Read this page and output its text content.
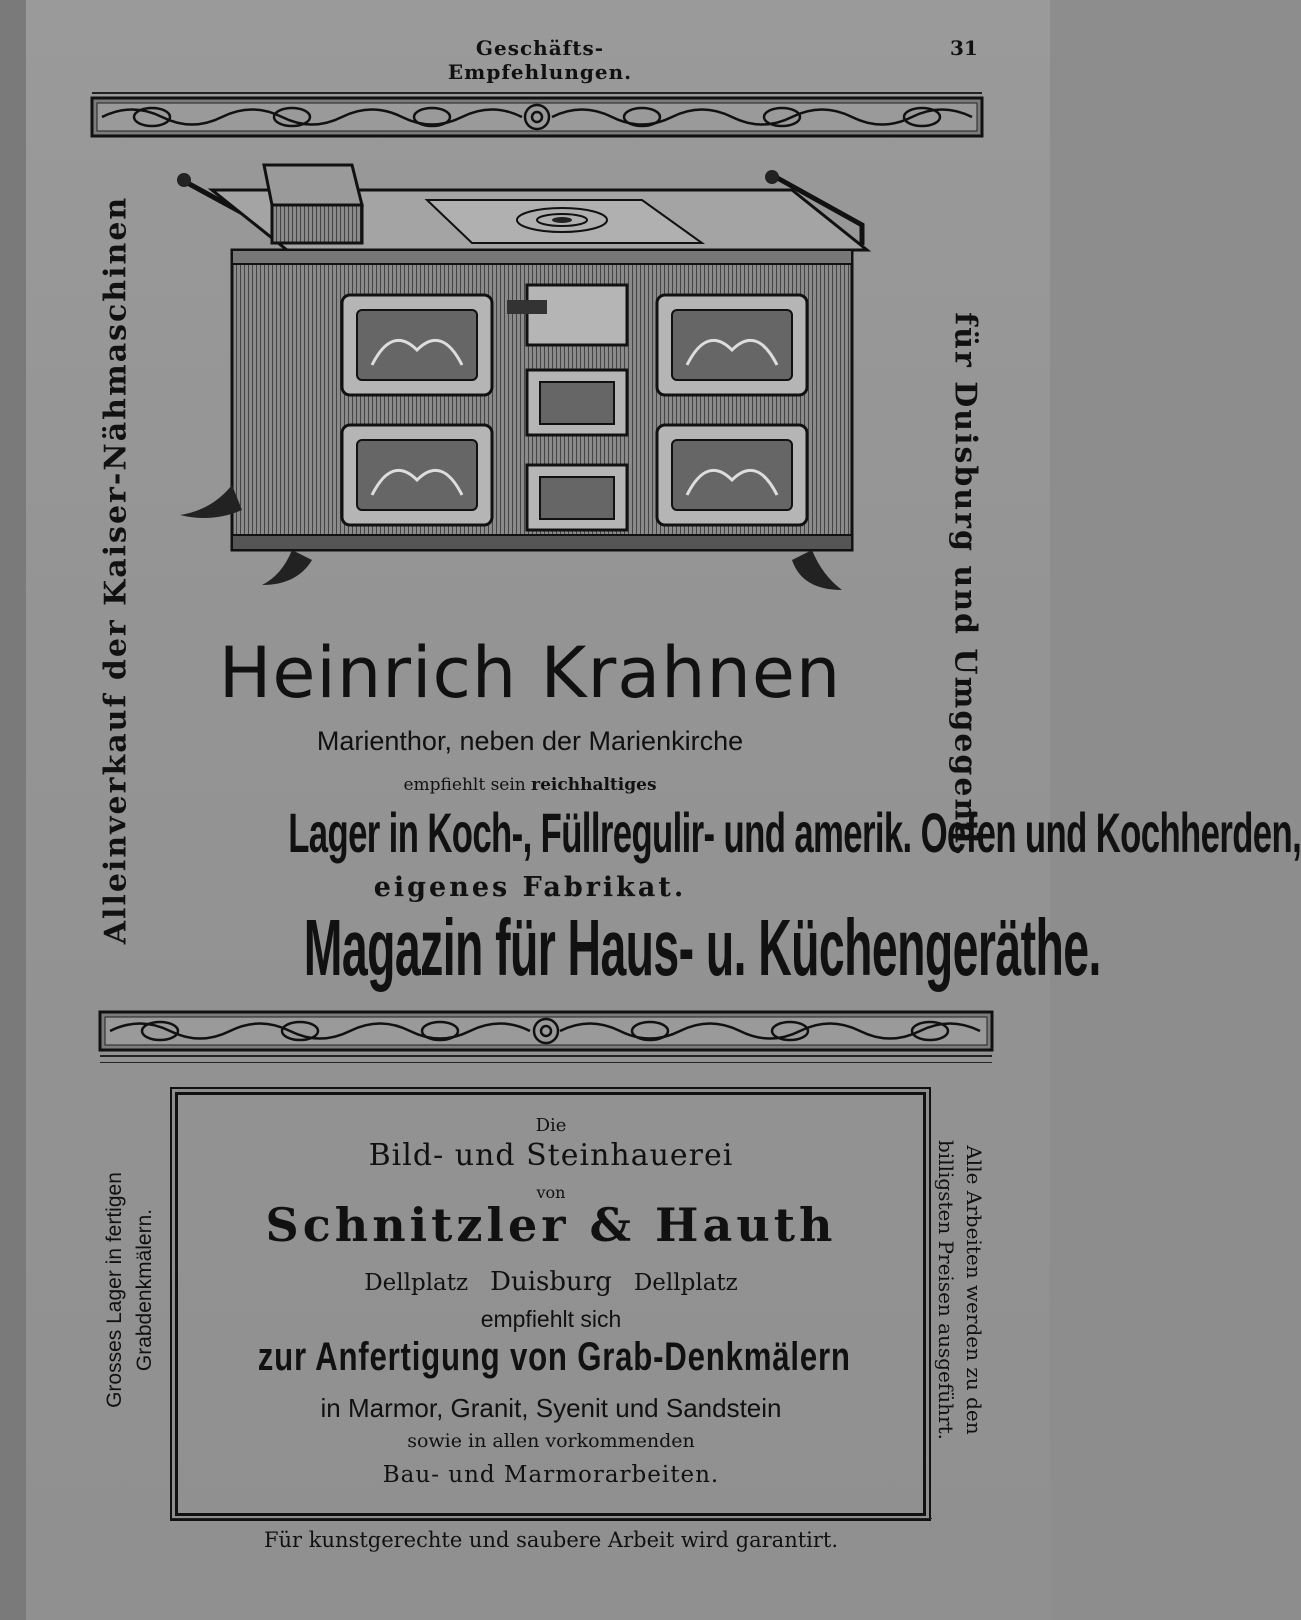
Geschäfts-Empfehlungen.
31
Alleinverkauf der Kaiser-Nähmaschinen	für Duisburg und Umgegend.
Heinrich Krahnen
Marienthor, neben der Marienkirche
empfiehlt sein reichhaltiges
Lager in Koch-, Füllregulir- und amerik. Oefen und Kochherden,
eigenes Fabrikat.
Magazin für Haus- u. Küchengeräthe.
Grosses Lager in fertigen Grabdenkmälern.	Alle Arbeiten werden zu den
billigsten Preisen ausgeführt.
Die
Bild- und Steinhauerei
von
Schnitzler & Hauth
Dellplatz Duisburg Dellplatz
empfiehlt sich
zur Anfertigung von Grab-Denkmälern
in Marmor, Granit, Syenit und Sandstein
sowie in allen vorkommenden
Bau- und Marmorarbeiten.
Für kunstgerechte und saubere Arbeit wird garantirt.
